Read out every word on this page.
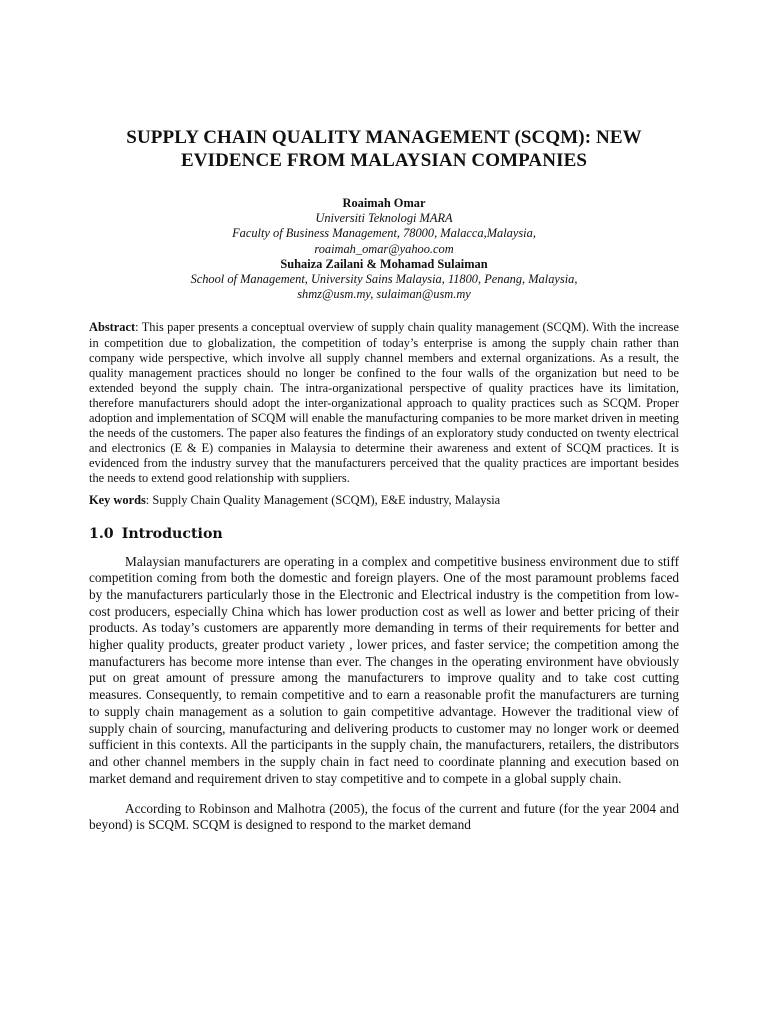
SUPPLY CHAIN QUALITY MANAGEMENT (SCQM): NEW
EVIDENCE FROM MALAYSIAN COMPANIES
Roaimah Omar
Universiti Teknologi MARA
Faculty of Business Management, 78000, Malacca,Malaysia,
roaimah_omar@yahoo.com
Suhaiza Zailani & Mohamad Sulaiman
School of Management, University Sains Malaysia, 11800, Penang, Malaysia,
shmz@usm.my, sulaiman@usm.my
Abstract: This paper presents a conceptual overview of supply chain quality management (SCQM). With the increase in competition due to globalization, the competition of today’s enterprise is among the supply chain rather than company wide perspective, which involve all supply channel members and external organizations. As a result, the quality management practices should no longer be confined to the four walls of the organization but need to be extended beyond the supply chain. The intra-organizational perspective of quality practices have its limitation, therefore manufacturers should adopt the inter-organizational approach to quality practices such as SCQM. Proper adoption and implementation of SCQM will enable the manufacturing companies to be more market driven in meeting the needs of the customers. The paper also features the findings of an exploratory study conducted on twenty electrical and electronics (E & E) companies in Malaysia to determine their awareness and extent of SCQM practices. It is evidenced from the industry survey that the manufacturers perceived that the quality practices are important besides the needs to extend good relationship with suppliers.
Key words: Supply Chain Quality Management (SCQM), E&E industry, Malaysia
1.0 Introduction

Malaysian manufacturers are operating in a complex and competitive business environment due to stiff competition coming from both the domestic and foreign players. One of the most paramount problems faced by the manufacturers particularly those in the Electronic and Electrical industry is the competition from low-cost producers, especially China which has lower production cost as well as lower and better pricing of their products. As today’s customers are apparently more demanding in terms of their requirements for better and higher quality products, greater product variety , lower prices, and faster service; the competition among the manufacturers has become more intense than ever. The changes in the operating environment have obviously put on great amount of pressure among the manufacturers to improve quality and to take cost cutting measures. Consequently, to remain competitive and to earn a reasonable profit the manufacturers are turning to supply chain management as a solution to gain competitive advantage. However the traditional view of supply chain of sourcing, manufacturing and delivering products to customer may no longer work or deemed sufficient in this contexts. All the participants in the supply chain, the manufacturers, retailers, the distributors and other channel members in the supply chain in fact need to coordinate planning and execution based on market demand and requirement driven to stay competitive and to compete in a global supply chain.

According to Robinson and Malhotra (2005), the focus of the current and future (for the year 2004 and beyond) is SCQM. SCQM is designed to respond to the market demand
